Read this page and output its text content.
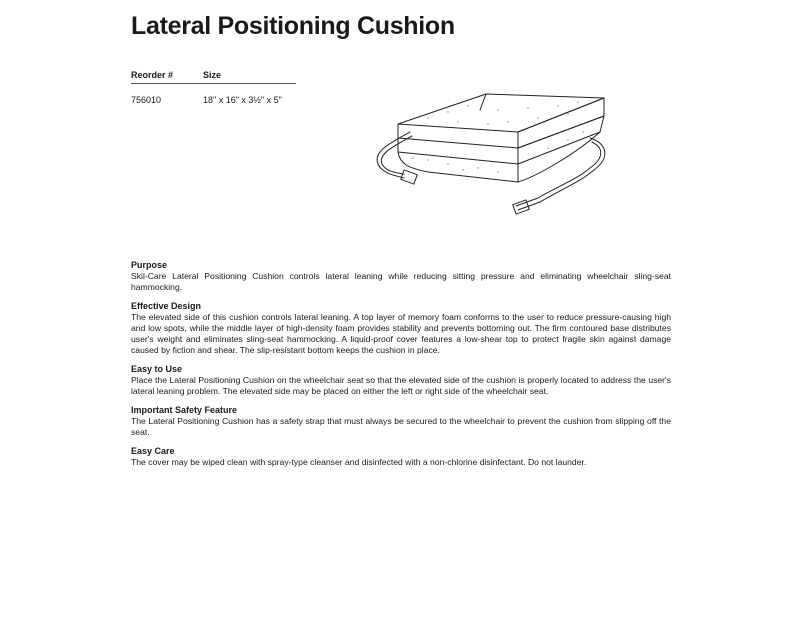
Lateral Positioning Cushion
Reorder #	Size
756010	18" x 16" x 3½" x 5"
Purpose

Skil-Care Lateral Positioning Cushion controls lateral leaning while reducing sitting pressure and eliminating wheelchair sling-seat hammocking.

Effective Design

The elevated side of this cushion controls lateral leaning. A top layer of memory foam conforms to the user to reduce pressure-causing high and low spots, while the middle layer of high-density foam provides stability and prevents bottoming out. The firm contoured base distributes user's weight and eliminates sling-seat hammocking. A liquid-proof cover features a low-shear top to protect fragile skin against damage caused by fiction and shear. The slip-resistant bottom keeps the cushion in place.

Easy to Use

Place the Lateral Positioning Cushion on the wheelchair seat so that the elevated side of the cushion is properly located to address the user's lateral leaning problem. The elevated side may be placed on either the left or right side of the wheelchair seat.

Important Safety Feature

The Lateral Positioning Cushion has a safety strap that must always be secured to the wheelchair to prevent the cushion from slipping off the seat.

Easy Care

The cover may be wiped clean with spray-type cleanser and disinfected with a non-chlorine disinfectant. Do not launder.
